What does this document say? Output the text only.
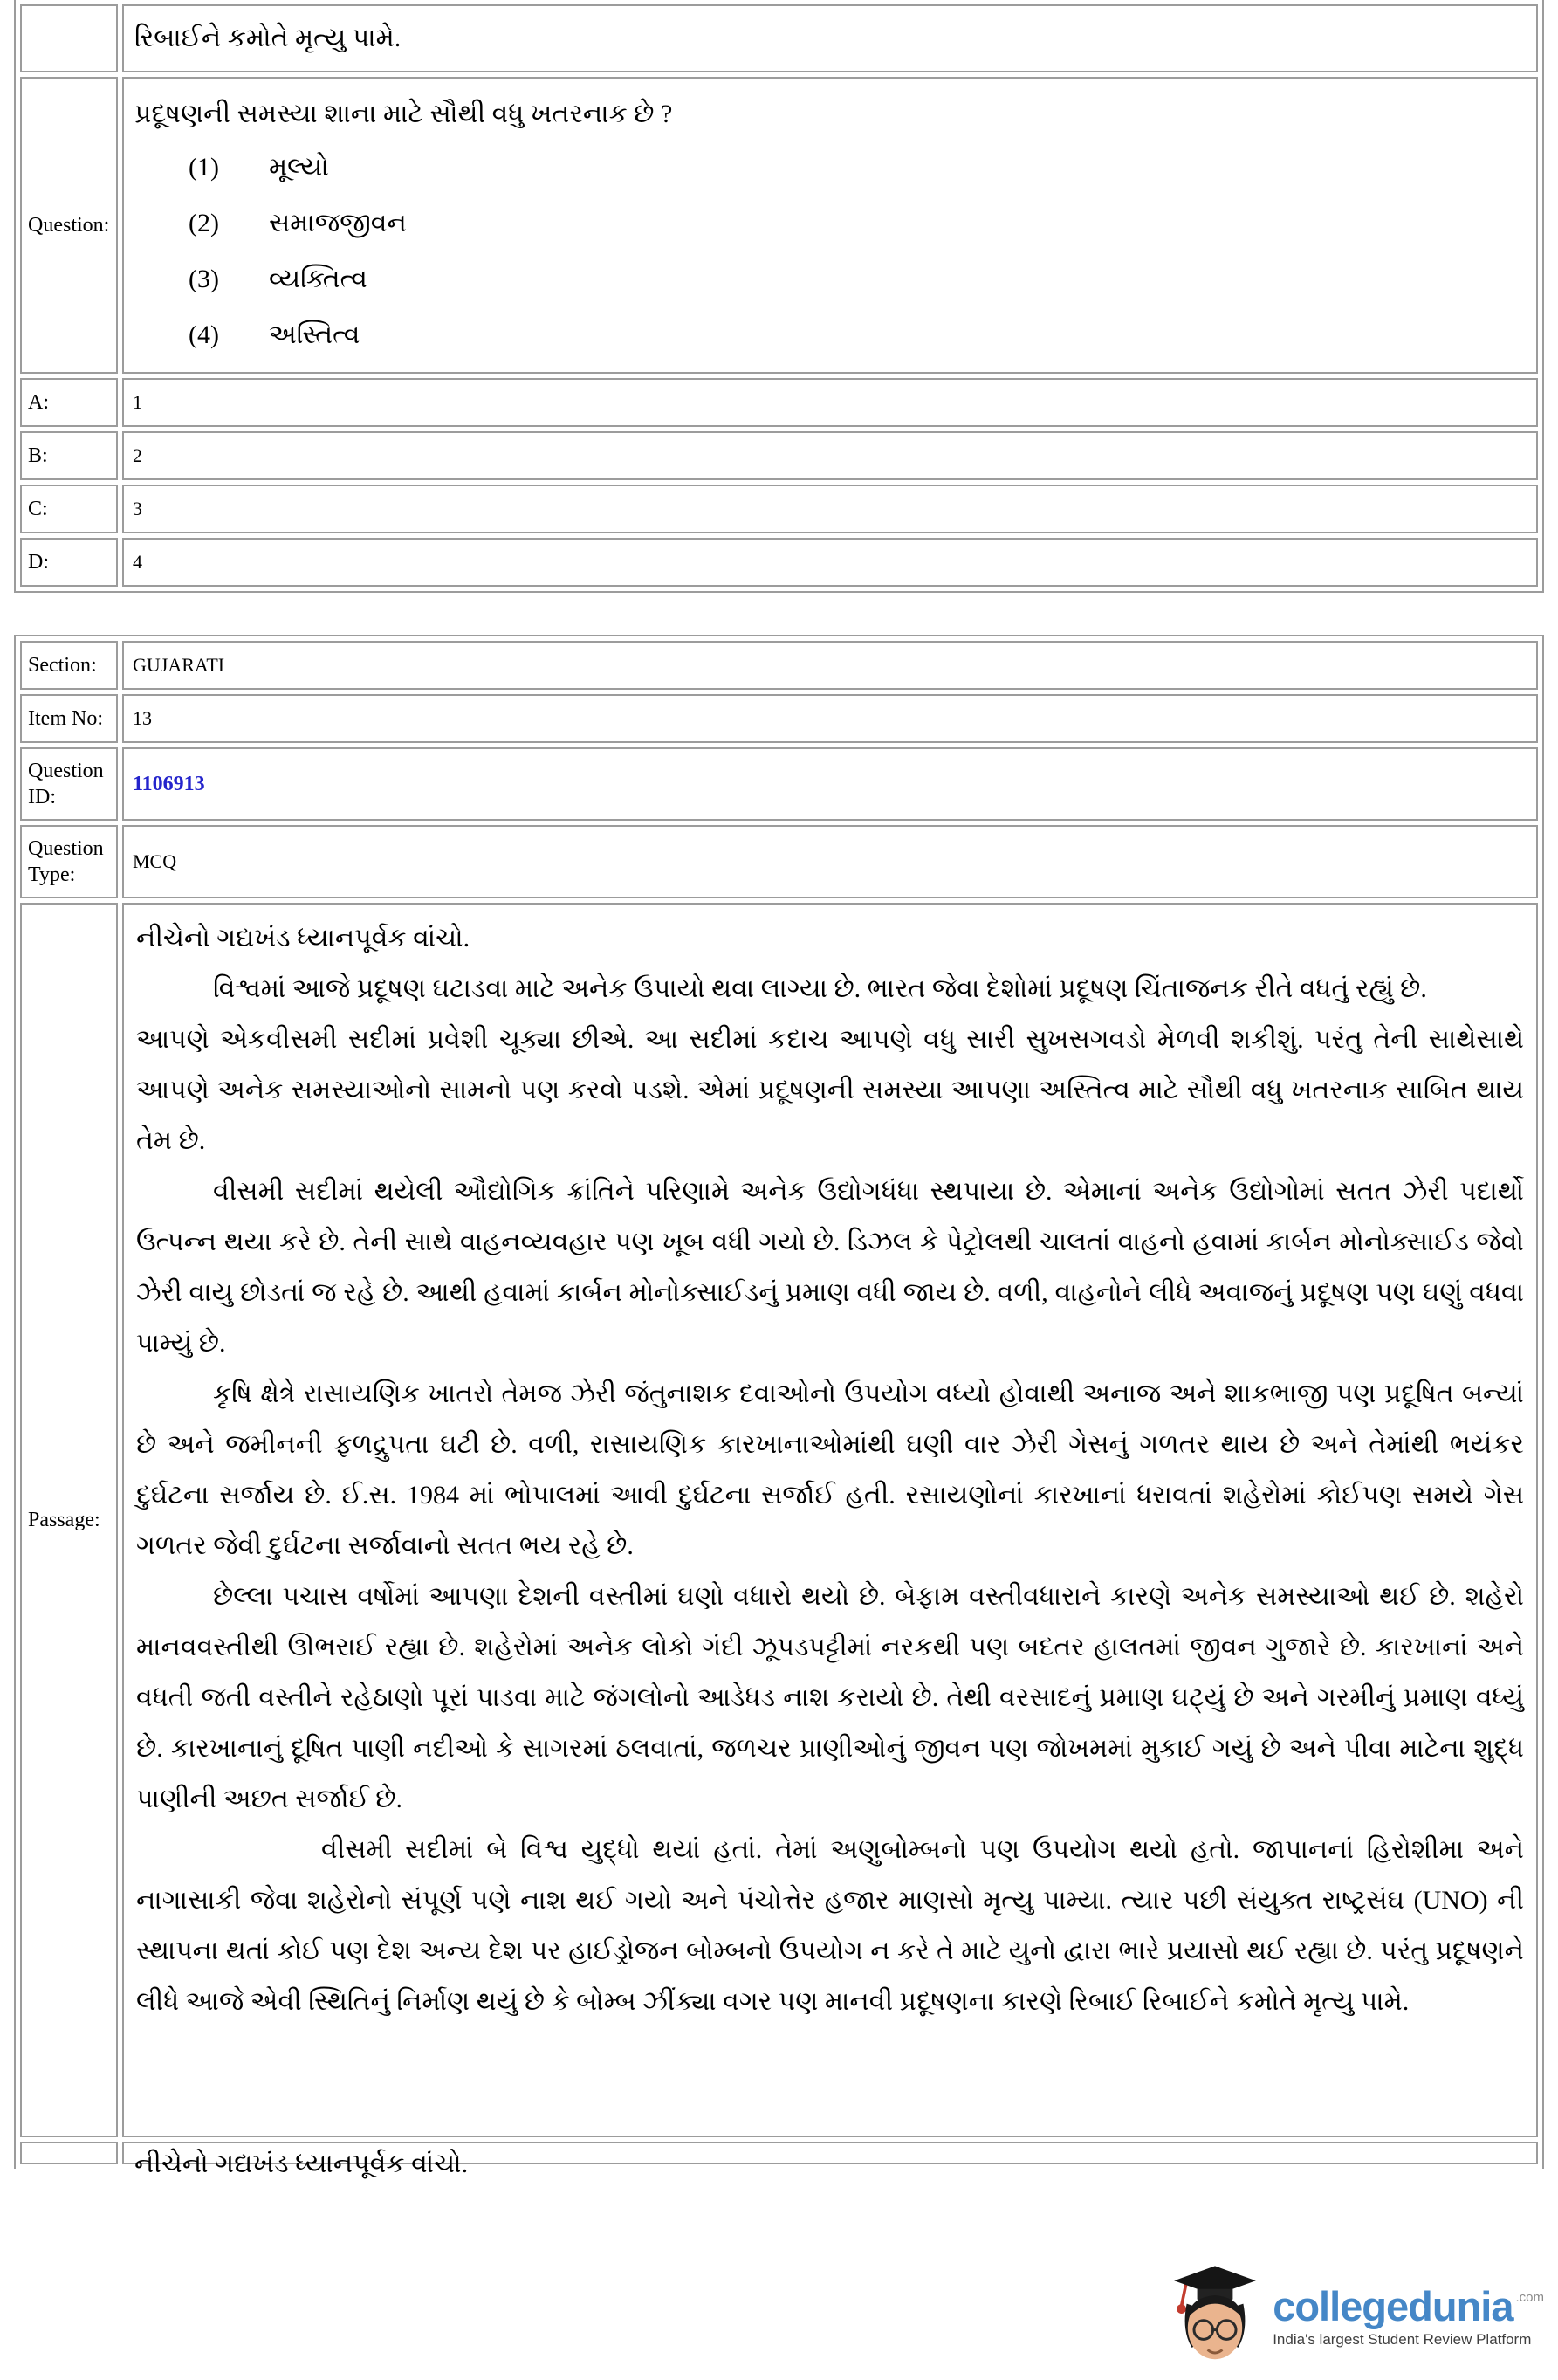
	રિબાઈને કમોતે મૃત્યુ પામે.
Question:	
પ્રદૂષણની સમસ્યા શાના માટે સૌથી વધુ ખતરનાક છે ?
(1)	મૂલ્યો
(2)	સમાજજીવન
(3)	વ્યક્તિત્વ
(4)	અસ્તિત્વ

A:	1
B:	2
C:	3
D:	4
Section:	GUJARATI
Item No:	13
Question ID:	1106913
Question Type:	MCQ
Passage:	

નીચેનો ગદ્યખંડ ધ્યાનપૂર્વક વાંચો.

વિશ્વમાં આજે પ્રદૂષણ ઘટાડવા માટે અનેક ઉપાયો થવા લાગ્યા છે. ભારત જેવા દેશોમાં પ્રદૂષણ ચિંતાજનક રીતે વધતું રહ્યું છે.

આપણે એકવીસમી સદીમાં પ્રવેશી ચૂક્યા છીએ. આ સદીમાં કદાચ આપણે વધુ સારી સુખસગવડો મેળવી શકીશું. પરંતુ તેની સાથેસાથે આપણે અનેક સમસ્યાઓનો સામનો પણ કરવો પડશે. એમાં પ્રદૂષણની સમસ્યા આપણા અસ્તિત્વ માટે સૌથી વધુ ખતરનાક સાબિત થાય તેમ છે.

વીસમી સદીમાં થયેલી ઔદ્યોગિક ક્રાંતિને પરિણામે અનેક ઉદ્યોગધંધા સ્થપાયા છે. એમાનાં અનેક ઉદ્યોગોમાં સતત ઝેરી પદાર્થો ઉત્પન્ન થયા કરે છે. તેની સાથે વાહનવ્યવહાર પણ ખૂબ વધી ગયો છે. ડિઝલ કે પેટ્રોલથી ચાલતાં વાહનો હવામાં કાર્બન મોનોક્સાઈડ જેવો ઝેરી વાયુ છોડતાં જ રહે છે. આથી હવામાં કાર્બન મોનોક્સાઈડનું પ્રમાણ વધી જાય છે. વળી, વાહનોને લીધે અવાજનું પ્રદૂષણ પણ ઘણું વધવા પામ્યું છે.

કૃષિ ક્ષેત્રે રાસાયણિક ખાતરો તેમજ ઝેરી જંતુનાશક દવાઓનો ઉપયોગ વધ્યો હોવાથી અનાજ અને શાકભાજી પણ પ્રદૂષિત બન્યાં છે અને જમીનની ફળદ્રુપતા ઘટી છે. વળી, રાસાયણિક કારખાનાઓમાંથી ઘણી વાર ઝેરી ગેસનું ગળતર થાય છે અને તેમાંથી ભયંકર દુર્ઘટના સર્જાય છે. ઈ.સ. 1984 માં ભોપાલમાં આવી દુર્ઘટના સર્જાઈ હતી. રસાયણોનાં કારખાનાં ધરાવતાં શહેરોમાં કોઈપણ સમયે ગેસ ગળતર જેવી દુર્ઘટના સર્જાવાનો સતત ભય રહે છે.

છેલ્લા પચાસ વર્ષોમાં આપણા દેશની વસ્તીમાં ઘણો વધારો થયો છે. બેફામ વસ્તીવધારાને કારણે અનેક સમસ્યાઓ થઈ છે. શહેરો માનવવસ્તીથી ઊભરાઈ રહ્યા છે. શહેરોમાં અનેક લોકો ગંદી ઝૂપડપટ્ટીમાં નરકથી પણ બદતર હાલતમાં જીવન ગુજારે છે. કારખાનાં અને વધતી જતી વસ્તીને રહેઠાણો પૂરાં પાડવા માટે જંગલોનો આડેધડ નાશ કરાયો છે. તેથી વરસાદનું પ્રમાણ ઘટ્યું છે અને ગરમીનું પ્રમાણ વધ્યું છે. કારખાનાનું દૂષિત પાણી નદીઓ કે સાગરમાં ઠલવાતાં, જળચર પ્રાણીઓનું જીવન પણ જોખમમાં મુકાઈ ગયું છે અને પીવા માટેના શુદ્ધ પાણીની અછત સર્જાઈ છે.

વીસમી સદીમાં બે વિશ્વ યુદ્ધો થયાં હતાં. તેમાં અણુબોમ્બનો પણ ઉપયોગ થયો હતો. જાપાનનાં હિરોશીમા અને નાગાસાકી જેવા શહેરોનો સંપૂર્ણ પણે નાશ થઈ ગયો અને પંચોત્તેર હજાર માણસો મૃત્યુ પામ્યા. ત્યાર પછી સંયુક્ત રાષ્ટ્રસંઘ (UNO) ની સ્થાપના થતાં કોઈ પણ દેશ અન્ય દેશ પર હાઈડ્રોજન બોમ્બનો ઉપયોગ ન કરે તે માટે યુનો દ્વારા ભારે પ્રયાસો થઈ રહ્યા છે. પરંતુ પ્રદૂષણને લીધે આજે એવી સ્થિતિનું નિર્માણ થયું છે કે બોમ્બ ઝીંક્યા વગર પણ માનવી પ્રદૂષણના કારણે રિબાઈ રિબાઈને કમોતે મૃત્યુ પામે.

	નીચેનો ગદ્યખંડ ધ્યાનપૂર્વક વાંચો.
collegedunia .com
India's largest Student Review Platform
